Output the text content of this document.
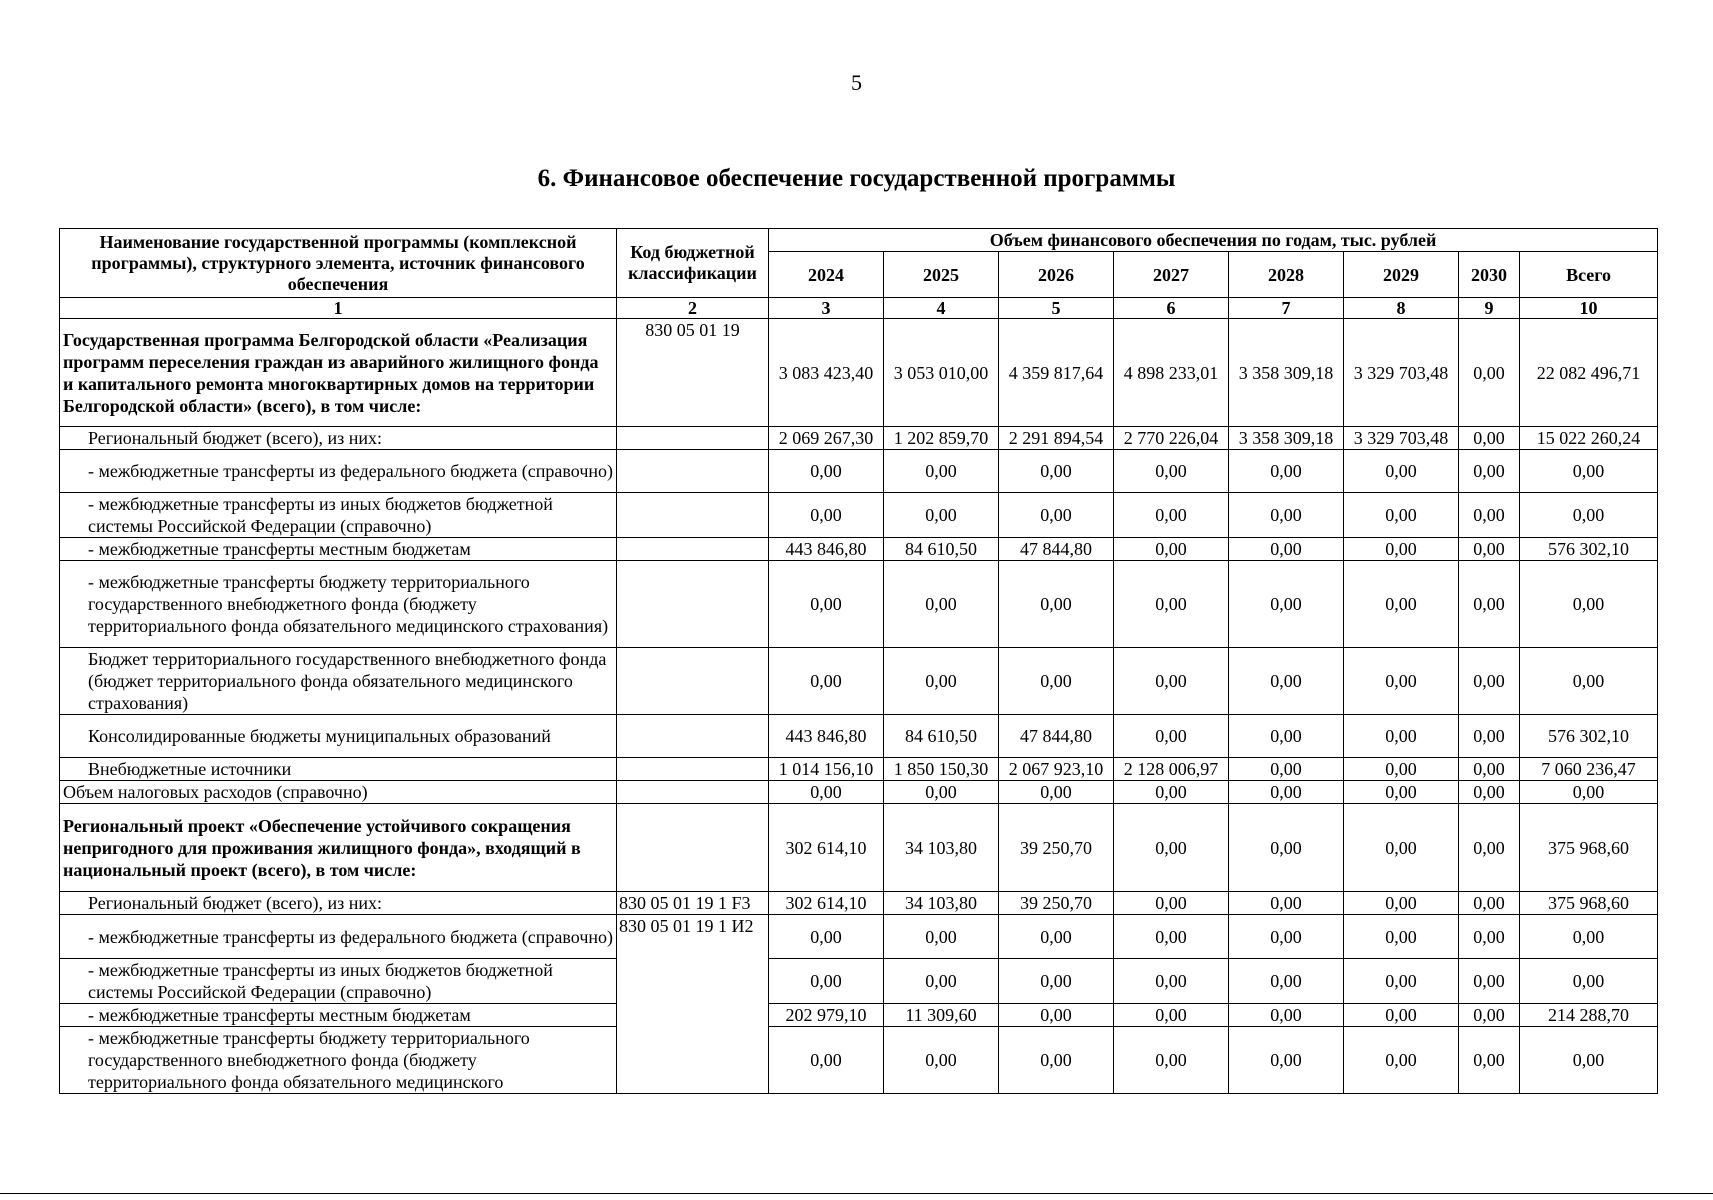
5
6. Финансовое обеспечение государственной программы
Наименование государственной программы (комплексной программы), структурного элемента, источник финансового обеспечения	Код бюджетной классификации	Объем финансового обеспечения по годам, тыс. рублей							
		2024	2025	2026	2027	2028	2029	2030	Всего
1	2	3	4	5	6	7	8	9	10
Государственная программа Белгородской области «Реализация программ переселения граждан из аварийного жилищного фонда и капитального ремонта многоквартирных домов на территории Белгородской области» (всего), в том числе:	830 05 01 19	3 083 423,40	3 053 010,00	4 359 817,64	4 898 233,01	3 358 309,18	3 329 703,48	0,00	22 082 496,71
Региональный бюджет (всего), из них:		2 069 267,30	1 202 859,70	2 291 894,54	2 770 226,04	3 358 309,18	3 329 703,48	0,00	15 022 260,24
- межбюджетные трансферты из федерального бюджета (справочно)		0,00	0,00	0,00	0,00	0,00	0,00	0,00	0,00
- межбюджетные трансферты из иных бюджетов бюджетной системы Российской Федерации (справочно)		0,00	0,00	0,00	0,00	0,00	0,00	0,00	0,00
- межбюджетные трансферты местным бюджетам		443 846,80	84 610,50	47 844,80	0,00	0,00	0,00	0,00	576 302,10
- межбюджетные трансферты бюджету территориального государственного внебюджетного фонда (бюджету территориального фонда обязательного медицинского страхования)		0,00	0,00	0,00	0,00	0,00	0,00	0,00	0,00
Бюджет территориального государственного внебюджетного фонда (бюджет территориального фонда обязательного медицинского страхования)		0,00	0,00	0,00	0,00	0,00	0,00	0,00	0,00
Консолидированные бюджеты муниципальных образований		443 846,80	84 610,50	47 844,80	0,00	0,00	0,00	0,00	576 302,10
Внебюджетные источники		1 014 156,10	1 850 150,30	2 067 923,10	2 128 006,97	0,00	0,00	0,00	7 060 236,47
Объем налоговых расходов (справочно)		0,00	0,00	0,00	0,00	0,00	0,00	0,00	0,00
Региональный проект «Обеспечение устойчивого сокращения непригодного для проживания жилищного фонда», входящий в национальный проект (всего), в том числе:		302 614,10	34 103,80	39 250,70	0,00	0,00	0,00	0,00	375 968,60
Региональный бюджет (всего), из них:	830 05 01 19 1 F3	302 614,10	34 103,80	39 250,70	0,00	0,00	0,00	0,00	375 968,60
- межбюджетные трансферты из федерального бюджета (справочно)	830 05 01 19 1 И2	0,00	0,00	0,00	0,00	0,00	0,00	0,00	0,00
- межбюджетные трансферты из иных бюджетов бюджетной системы Российской Федерации (справочно)		0,00	0,00	0,00	0,00	0,00	0,00	0,00	0,00
- межбюджетные трансферты местным бюджетам		202 979,10	11 309,60	0,00	0,00	0,00	0,00	0,00	214 288,70
- межбюджетные трансферты бюджету территориального государственного внебюджетного фонда (бюджету территориального фонда обязательного медицинского		0,00	0,00	0,00	0,00	0,00	0,00	0,00	0,00
